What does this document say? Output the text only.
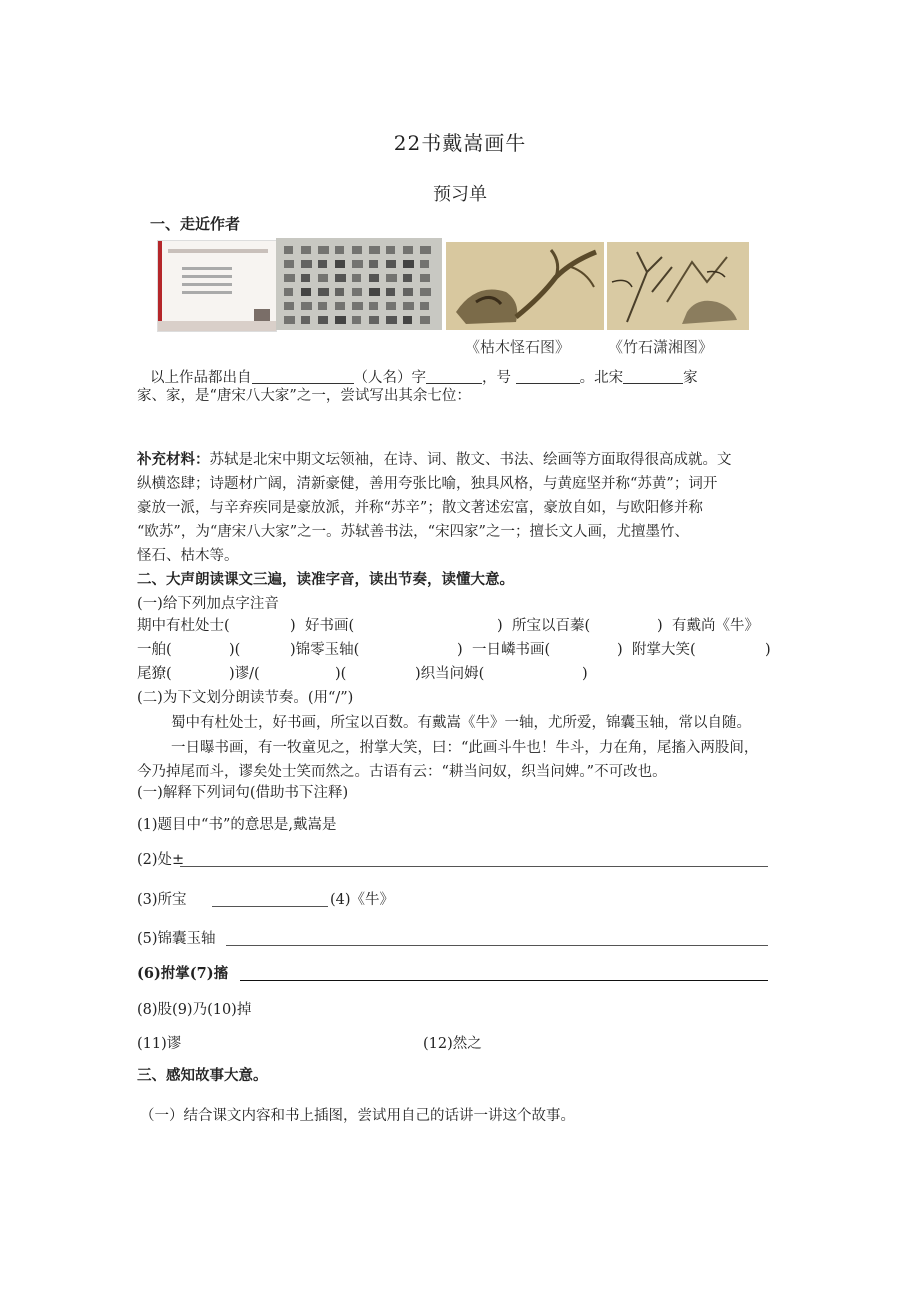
22书戴嵩画牛
预习单
一、走近作者
《枯木怪石图》	《竹石潇湘图》
以上作品都出自	（人名）字	，号	。北宋	家
家、家，是“唐宋八大家”之一，尝试写出其余七位：
补充材料：苏轼是北宋中期文坛领袖，在诗、词、散文、书法、绘画等方面取得很高成就。文
纵横恣肆；诗题材广阔，清新豪健，善用夸张比喻，独具风格，与黄庭坚并称“苏黄”；词开
豪放一派，与辛弃疾同是豪放派，并称“苏辛”；散文著述宏富，豪放自如，与欧阳修并称
“欧苏”，为“唐宋八大家”之一。苏轼善书法，“宋四家”之一；擅长文人画，尤擅墨竹、
怪石、枯木等。
二、大声朗读课文三遍，读准字音，读出节奏，读懂大意。
(一)给下列加点字注音
期中有杜处士(	) 好书画(	) 所宝以百蓁(	) 有戴尚《牛》
一舶(	)(	)锦零玉轴(	) 一日嶙书画(	) 附掌大笑(	)
尾獠(	)谬/(	)(	)织当问姆(	)
(二)为下文划分朗读节奏。(用“/”)
蜀中有杜处士，好书画，所宝以百数。有戴嵩《牛》一轴，尤所爱，锦囊玉轴，常以自随。
一日曝书画，有一牧童见之，拊掌大笑，曰：“此画斗牛也！牛斗，力在角，尾搐入两股间，
今乃掉尾而斗，谬矣处士笑而然之。古语有云：“耕当问奴，织当问婢。”不可改也。
(一)解释下列词句(借助书下注释)
(1)题目中“书”的意思是,戴嵩是
(2)处±
(3)所宝	(4)《牛》
(5)锦囊玉轴
(6)拊掌(7)搐
(8)股(9)乃(10)掉
(11)谬	(12)然之
三、感知故事大意。
（一）结合课文内容和书上插图，尝试用自己的话讲一讲这个故事。
